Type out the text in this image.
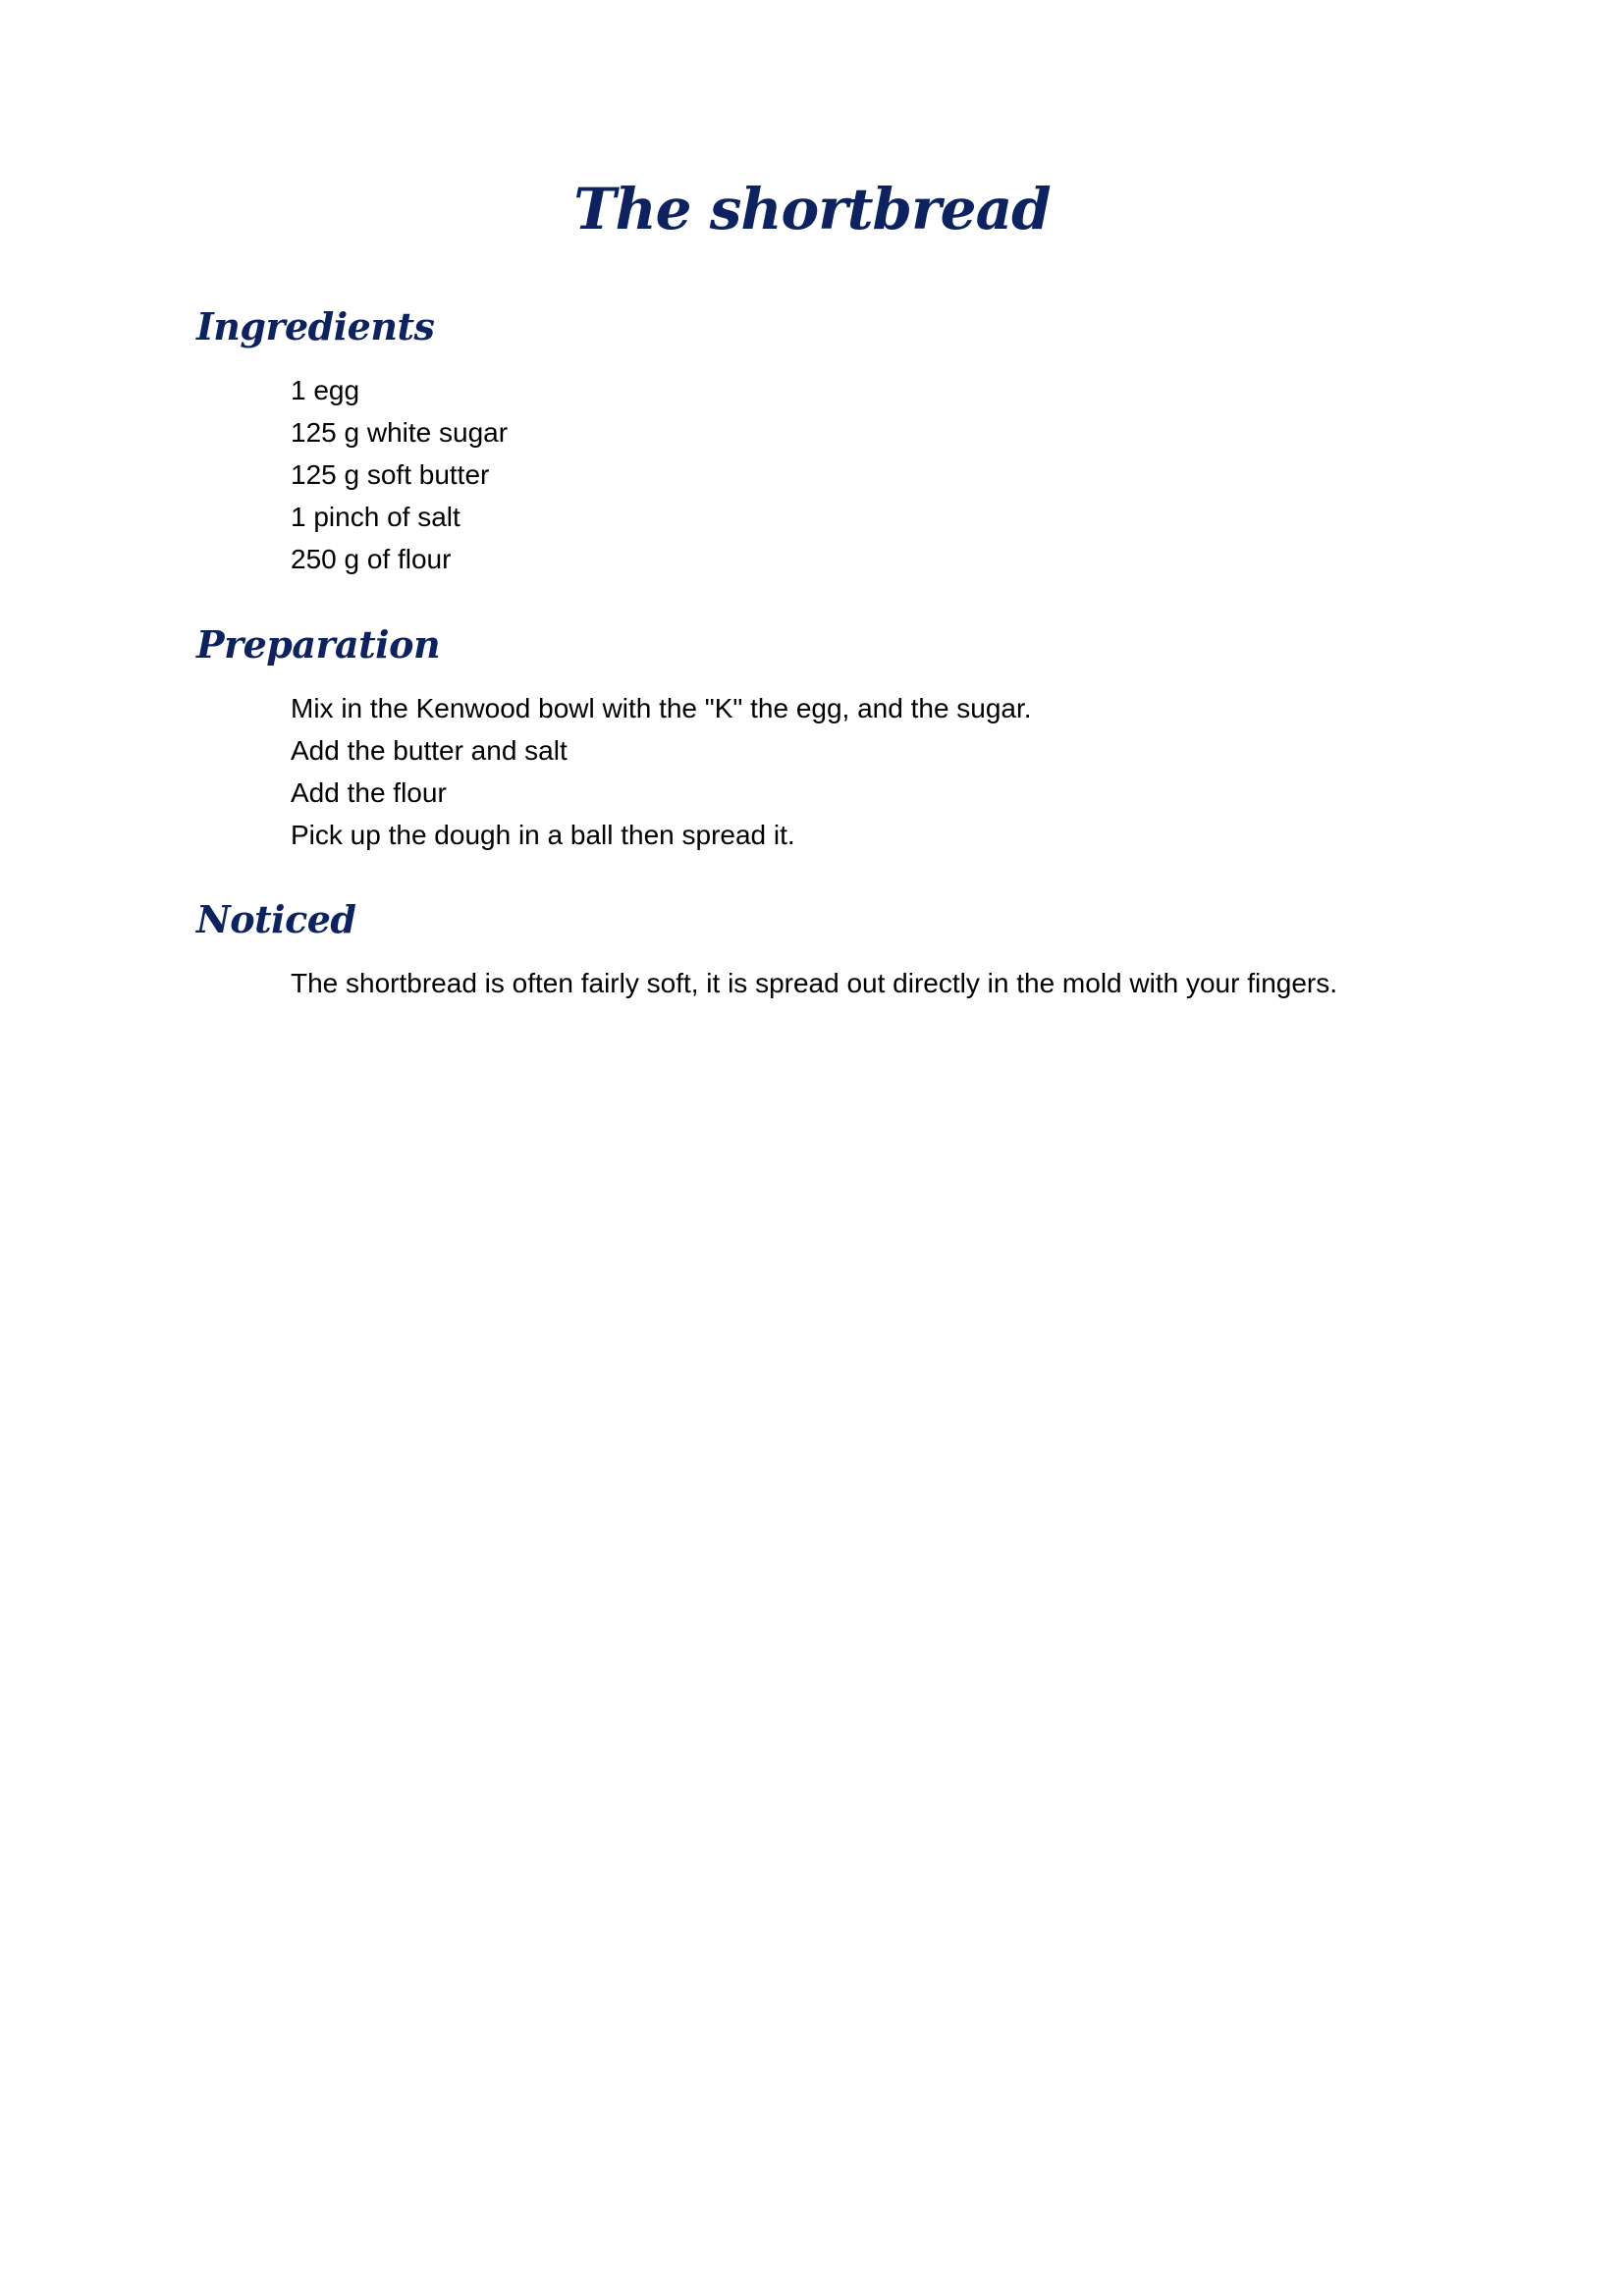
The shortbread
Ingredients
1 egg
125 g white sugar
125 g soft butter
1 pinch of salt
250 g of flour
Preparation
Mix in the Kenwood bowl with the "K" the egg, and the sugar.
Add the butter and salt
Add the flour
Pick up the dough in a ball then spread it.
Noticed
The shortbread is often fairly soft, it is spread out directly in the mold with your fingers.
